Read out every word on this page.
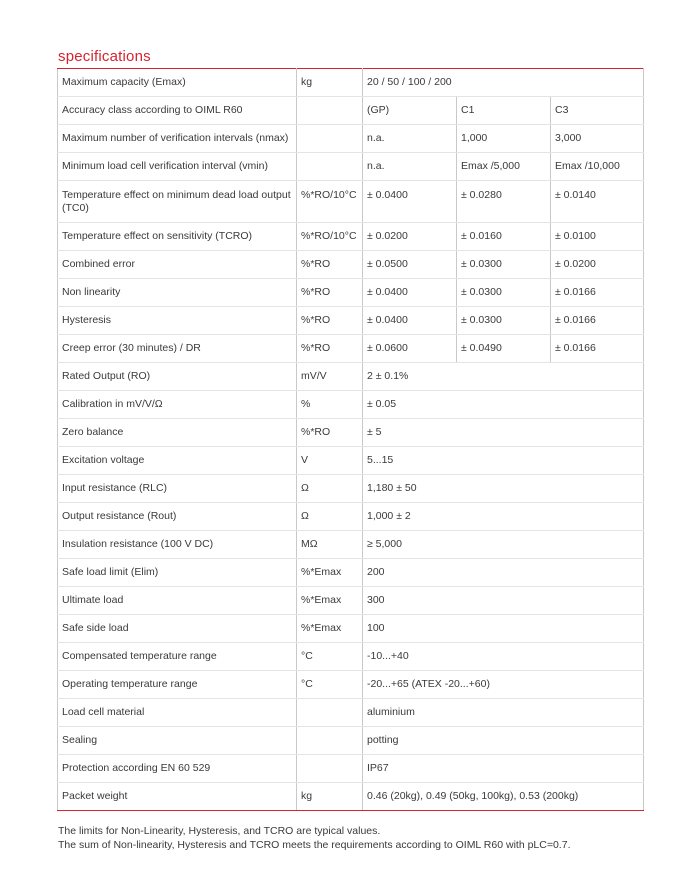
specifications
Maximum capacity (Emax)	kg	20 / 50 / 100 / 200		
Accuracy class according to OIML R60		(GP)	C1	C3
Maximum number of verification intervals (nmax)		n.a.	1,000	3,000
Minimum load cell verification interval (vmin)		n.a.	Emax /5,000	Emax /10,000
Temperature effect on minimum dead load output (TC0)	%*RO/10°C	± 0.0400	± 0.0280	± 0.0140
Temperature effect on sensitivity (TCRO)	%*RO/10°C	± 0.0200	± 0.0160	± 0.0100
Combined error	%*RO	± 0.0500	± 0.0300	± 0.0200
Non linearity	%*RO	± 0.0400	± 0.0300	± 0.0166
Hysteresis	%*RO	± 0.0400	± 0.0300	± 0.0166
Creep error (30 minutes) / DR	%*RO	± 0.0600	± 0.0490	± 0.0166
Rated Output (RO)	mV/V	2 ± 0.1%		
Calibration in mV/V/Ω	%	± 0.05		
Zero balance	%*RO	± 5		
Excitation voltage	V	5...15		
Input resistance (RLC)	Ω	1,180 ± 50		
Output resistance (Rout)	Ω	1,000 ± 2		
Insulation resistance (100 V DC)	MΩ	≥ 5,000		
Safe load limit (Elim)	%*Emax	200		
Ultimate load	%*Emax	300		
Safe side load	%*Emax	100		
Compensated temperature range	°C	-10...+40		
Operating temperature range	°C	-20...+65 (ATEX -20...+60)		
Load cell material		aluminium		
Sealing		potting		
Protection according EN 60 529		IP67		
Packet weight	kg	0.46 (20kg), 0.49 (50kg, 100kg), 0.53 (200kg)		
The limits for Non-Linearity, Hysteresis, and TCRO are typical values.
The sum of Non-linearity, Hysteresis and TCRO meets the requirements according to OIML R60 with pLC=0.7.
